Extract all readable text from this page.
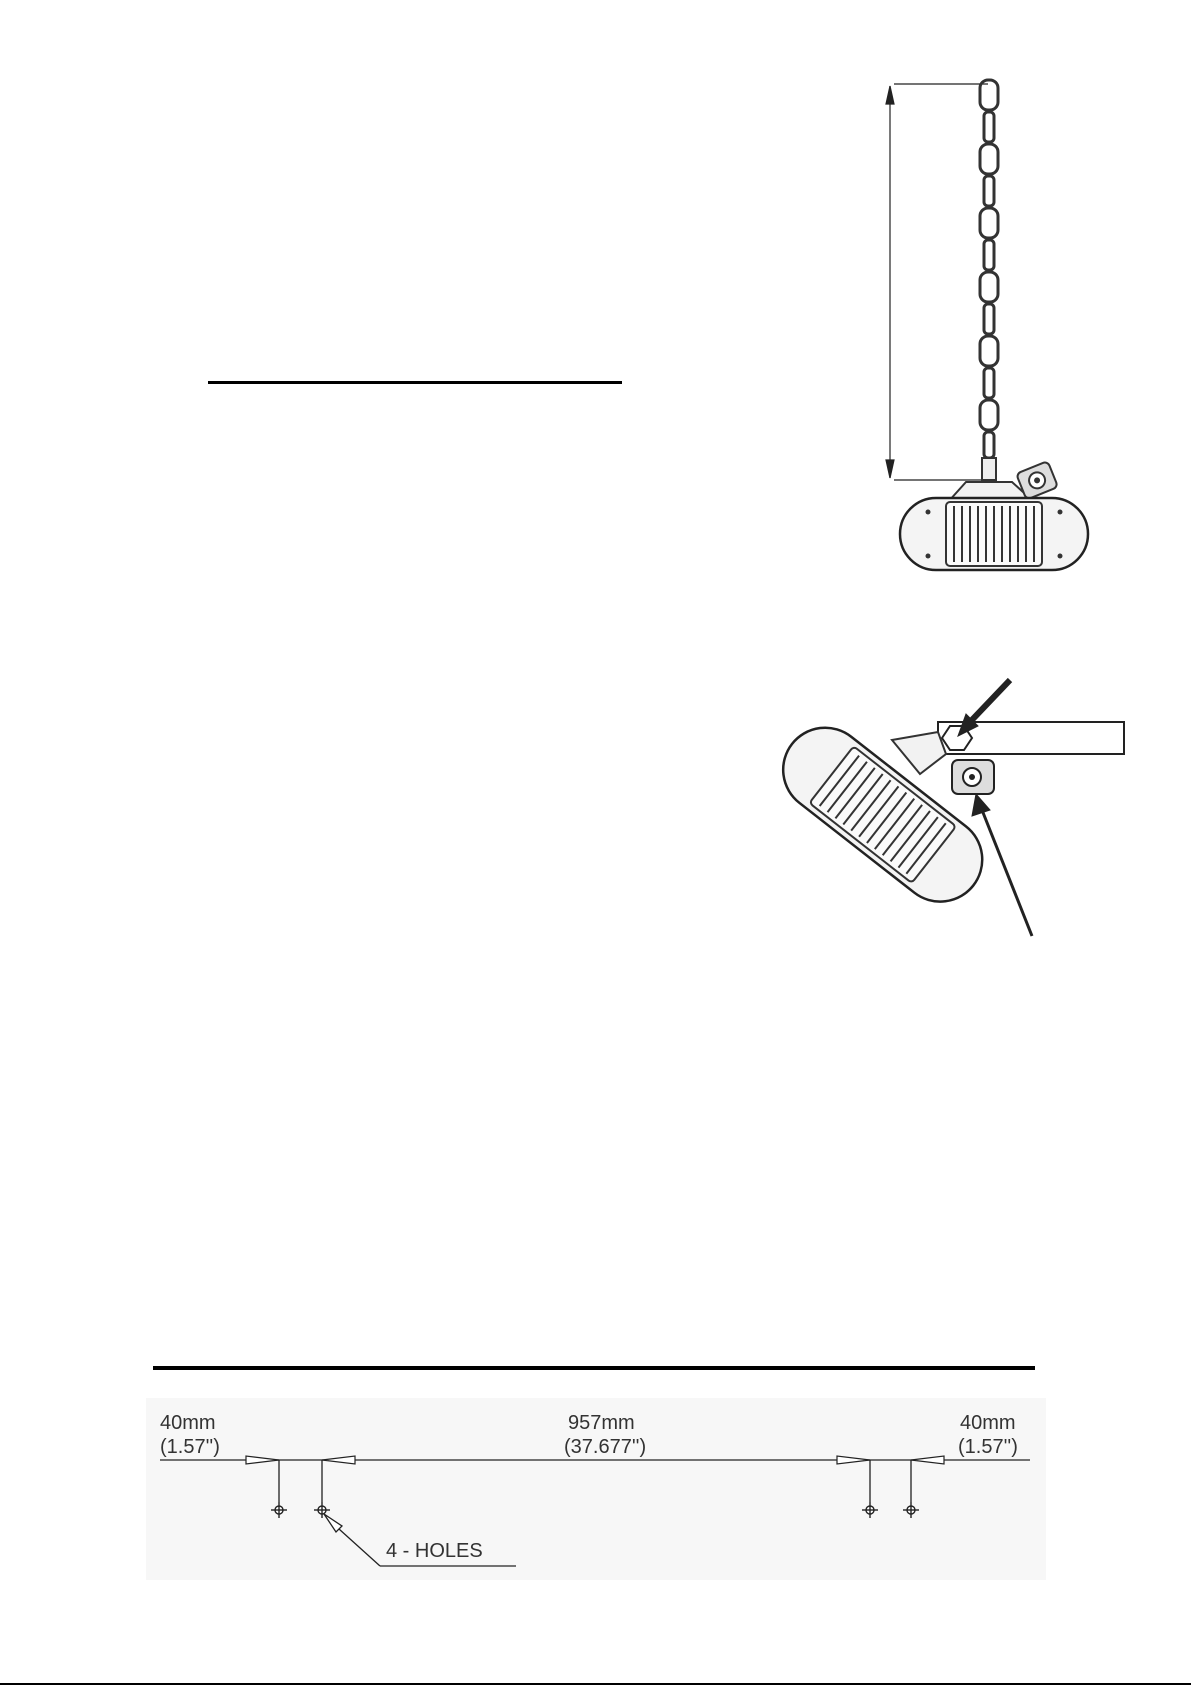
40mm
(1.57'')
957mm
(37.677'')
40mm
(1.57'')
4 - HOLES
